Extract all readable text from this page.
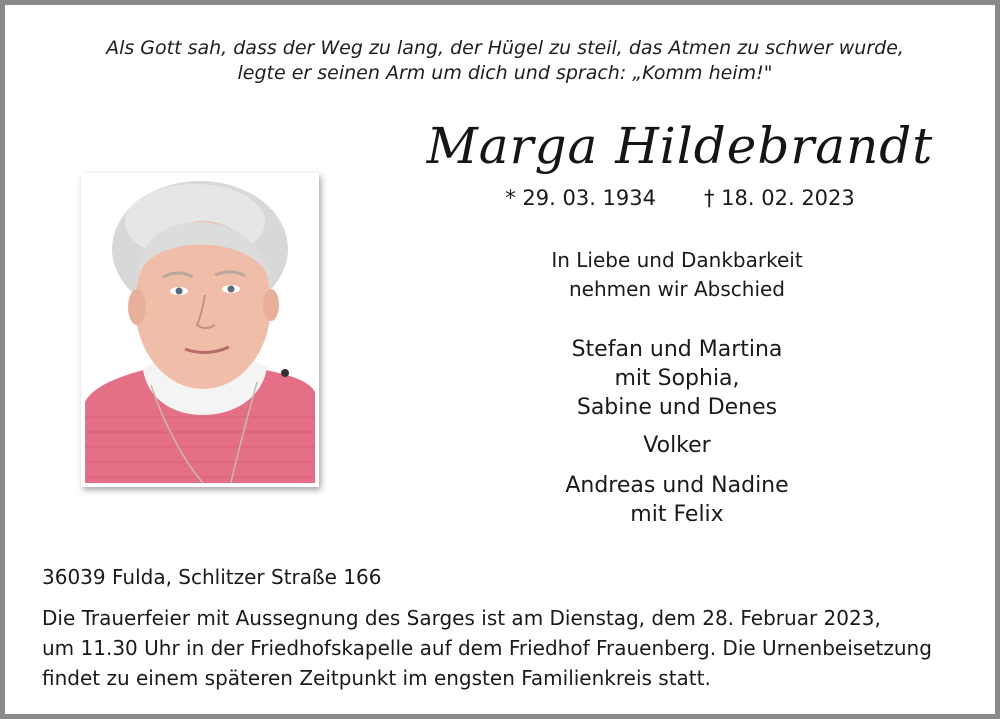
Als Gott sah, dass der Weg zu lang, der Hügel zu steil, das Atmen zu schwer wurde,
legte er seinen Arm um dich und sprach: „Komm heim!"
Marga Hildebrandt
* 29. 03. 1934 † 18. 02. 2023
In Liebe und Dankbarkeit
nehmen wir Abschied
Stefan und Martina
mit Sophia,
Sabine und Denes
Volker
Andreas und Nadine
mit Felix
36039 Fulda, Schlitzer Straße 166
Die Trauerfeier mit Aussegnung des Sarges ist am Dienstag, dem 28. Februar 2023,
um 11.30 Uhr in der Friedhofskapelle auf dem Friedhof Frauenberg. Die Urnenbeisetzung
findet zu einem späteren Zeitpunkt im engsten Familienkreis statt.
